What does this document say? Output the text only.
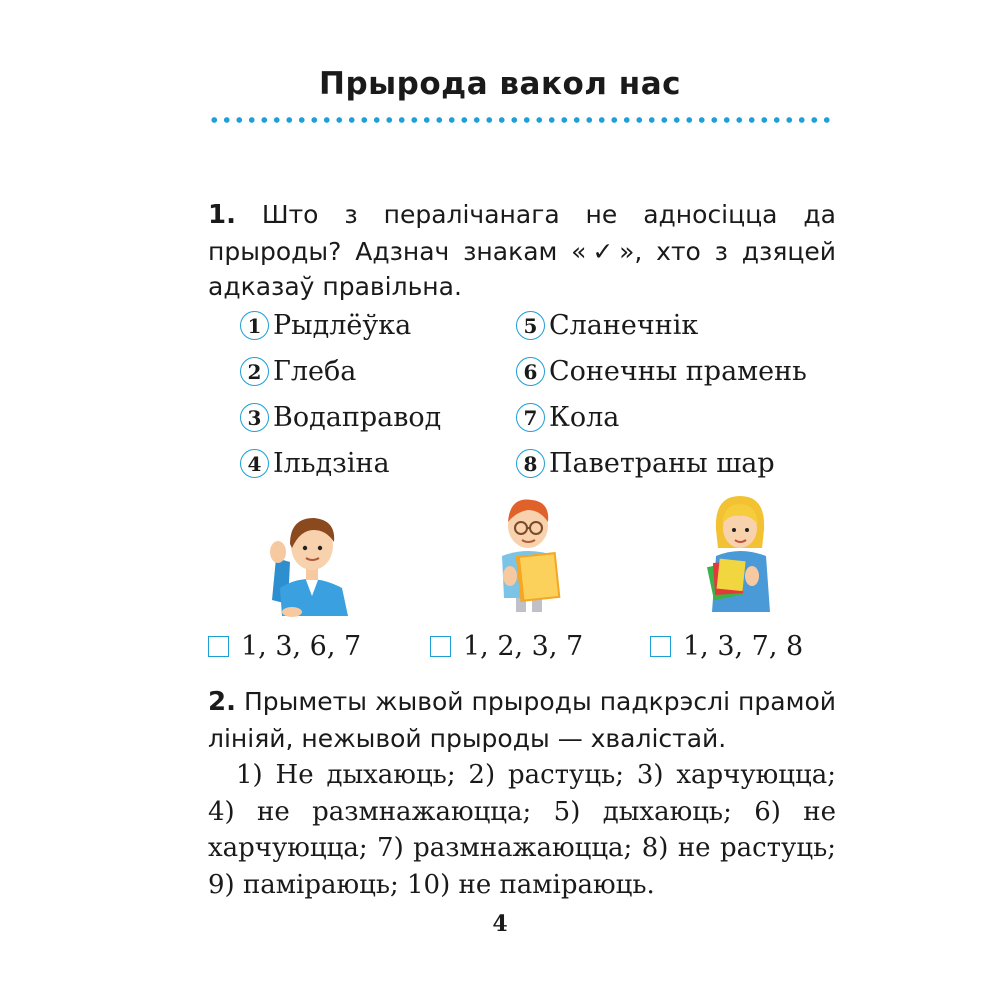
Прырода вакол нас
1. Што з пералічанага не адносіцца да прыроды? Адзнач знакам «✓», хто з дзяцей адказаў правільна.
1 Рыдлёўка
2 Глеба
3 Водаправод
4 Ільдзіна
5 Сланечнік
6 Сонечны прамень
7 Кола
8 Паветраны шар
1, 3, 6, 7	1, 2, 3, 7	1, 3, 7, 8
2. Прыметы жывой прыроды падкрэслі прамой лініяй, нежывой прыроды — хвалістай.
1) Не дыхаюць; 2) растуць; 3) харчуюцца; 4) не размнажаюцца; 5) дыхаюць; 6) не харчуюцца; 7) размнажаюцца; 8) не растуць; 9) паміраюць; 10) не паміраюць.
4
